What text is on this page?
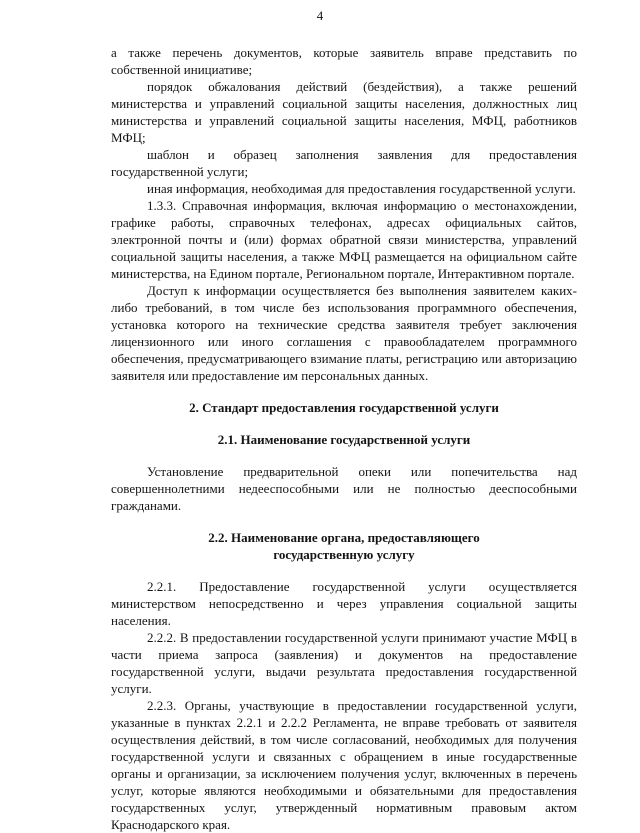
4

а также перечень документов, которые заявитель вправе представить по собственной инициативе;

порядок обжалования действий (бездействия), а также решений министерства и управлений социальной защиты населения, должностных лиц министерства и управлений социальной защиты населения, МФЦ, работников МФЦ;

шаблон и образец заполнения заявления для предоставления государственной услуги;

иная информация, необходимая для предоставления государственной услуги.

1.3.3. Справочная информация, включая информацию о местонахождении, графике работы, справочных телефонах, адресах официальных сайтов, электронной почты и (или) формах обратной связи министерства, управлений социальной защиты населения, а также МФЦ размещается на официальном сайте министерства, на Едином портале, Региональном портале, Интерактивном портале.

Доступ к информации осуществляется без выполнения заявителем каких-либо требований, в том числе без использования программного обеспечения, установка которого на технические средства заявителя требует заключения лицензионного или иного соглашения с правообладателем программного обеспечения, предусматривающего взимание платы, регистрацию или авторизацию заявителя или предоставление им персональных данных.

2. Стандарт предоставления государственной услуги

2.1. Наименование государственной услуги

Установление предварительной опеки или попечительства над совершеннолетними недееспособными или не полностью дееспособными гражданами.

2.2. Наименование органа, предоставляющего

государственную услугу

2.2.1. Предоставление государственной услуги осуществляется министерством непосредственно и через управления социальной защиты населения.

2.2.2. В предоставлении государственной услуги принимают участие МФЦ в части приема запроса (заявления) и документов на предоставление государственной услуги, выдачи результата предоставления государственной услуги.

2.2.3. Органы, участвующие в предоставлении государственной услуги, указанные в пунктах 2.2.1 и 2.2.2 Регламента, не вправе требовать от заявителя осуществления действий, в том числе согласований, необходимых для получения государственной услуги и связанных с обращением в иные государственные органы и организации, за исключением получения услуг, включенных в перечень услуг, которые являются необходимыми и обязательными для предоставления государственных услуг, утвержденный нормативным правовым актом Краснодарского края.
